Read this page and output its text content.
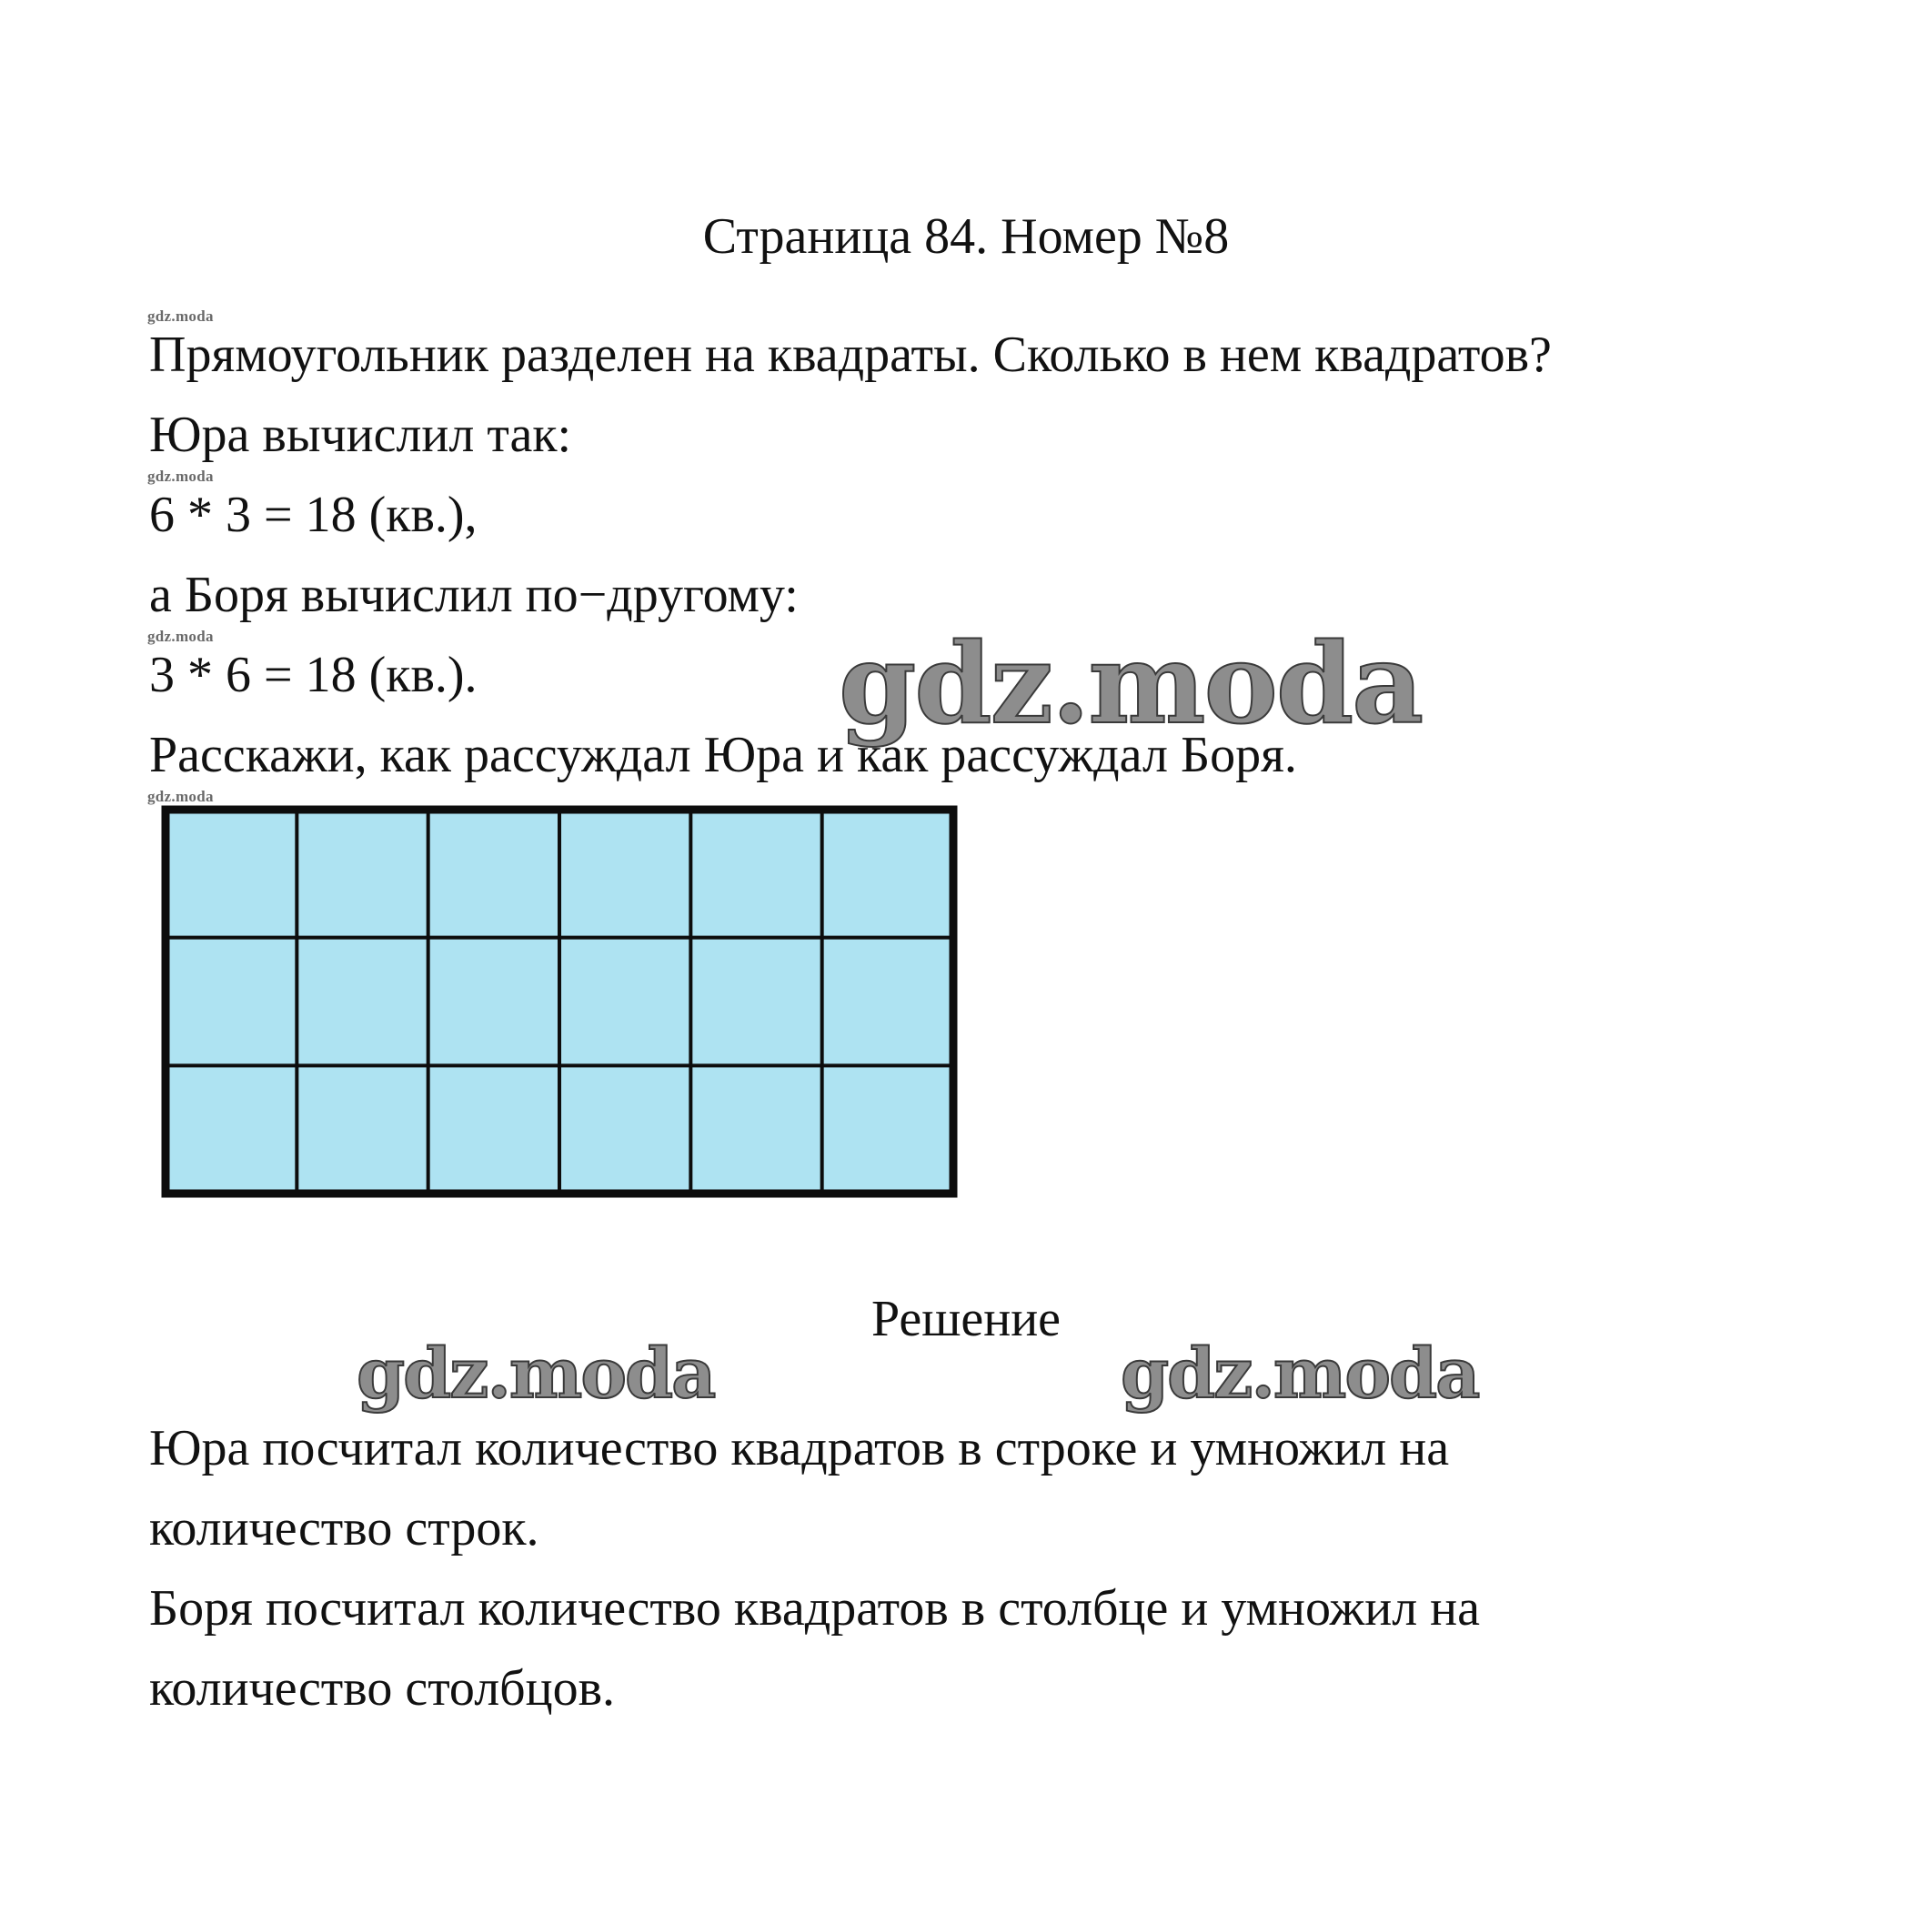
Страница 84. Номер №8
gdz.moda
Прямоугольник разделен на квадраты. Сколько в нем квадратов?
Юра вычислил так:
gdz.moda
6 * 3 = 18 (кв.),
а Боря вычислил по−другому:
gdz.moda
3 * 6 = 18 (кв.).	gdz.moda
Расскажи, как рассуждал Юра и как рассуждал Боря.
gdz.moda
Решение
gdz.moda	gdz.moda
Юра посчитал количество квадратов в строке и умножил на
количество строк.
Боря посчитал количество квадратов в столбце и умножил на
количество столбцов.
